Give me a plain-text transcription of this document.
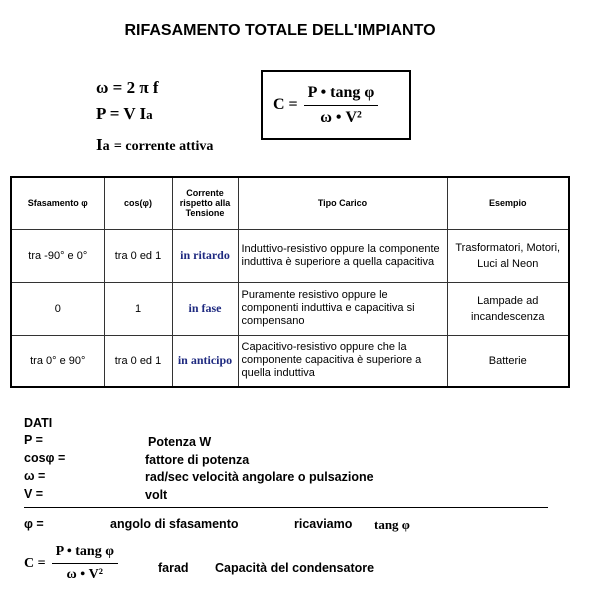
RIFASAMENTO TOTALE DELL'IMPIANTO
ω = 2 π f
P = V Ia
Ia = corrente attiva
$C = \frac{\text{P • tang φ}}{\text{ω • V²}}$
Sfasamento φ	cos(φ)	Corrente rispetto alla Tensione	Tipo Carico	Esempio
tra -90° e 0°	tra 0 ed 1	in ritardo	Induttivo-resistivo oppure la componente induttiva è superiore a quella capacitiva	Trasformatori, Motori, Luci al Neon
0	1	in fase	Puramente resistivo oppure le componenti induttiva e capacitiva si compensano	Lampade ad incandescenza
tra 0° e 90°	tra 0 ed 1	in anticipo	Capacitivo-resistivo oppure che la componente capacitiva è superiore a quella induttiva	Batterie
DATI
P =	Potenza W
cosφ =	fattore di potenza
ω =	rad/sec velocità angolare o pulsazione
V =	volt
φ =	angolo di sfasamento	ricaviamo tang φ
$C = \frac{\text{P • tang φ}}{\text{ω • V²}}$	farad Capacità del condensatore
